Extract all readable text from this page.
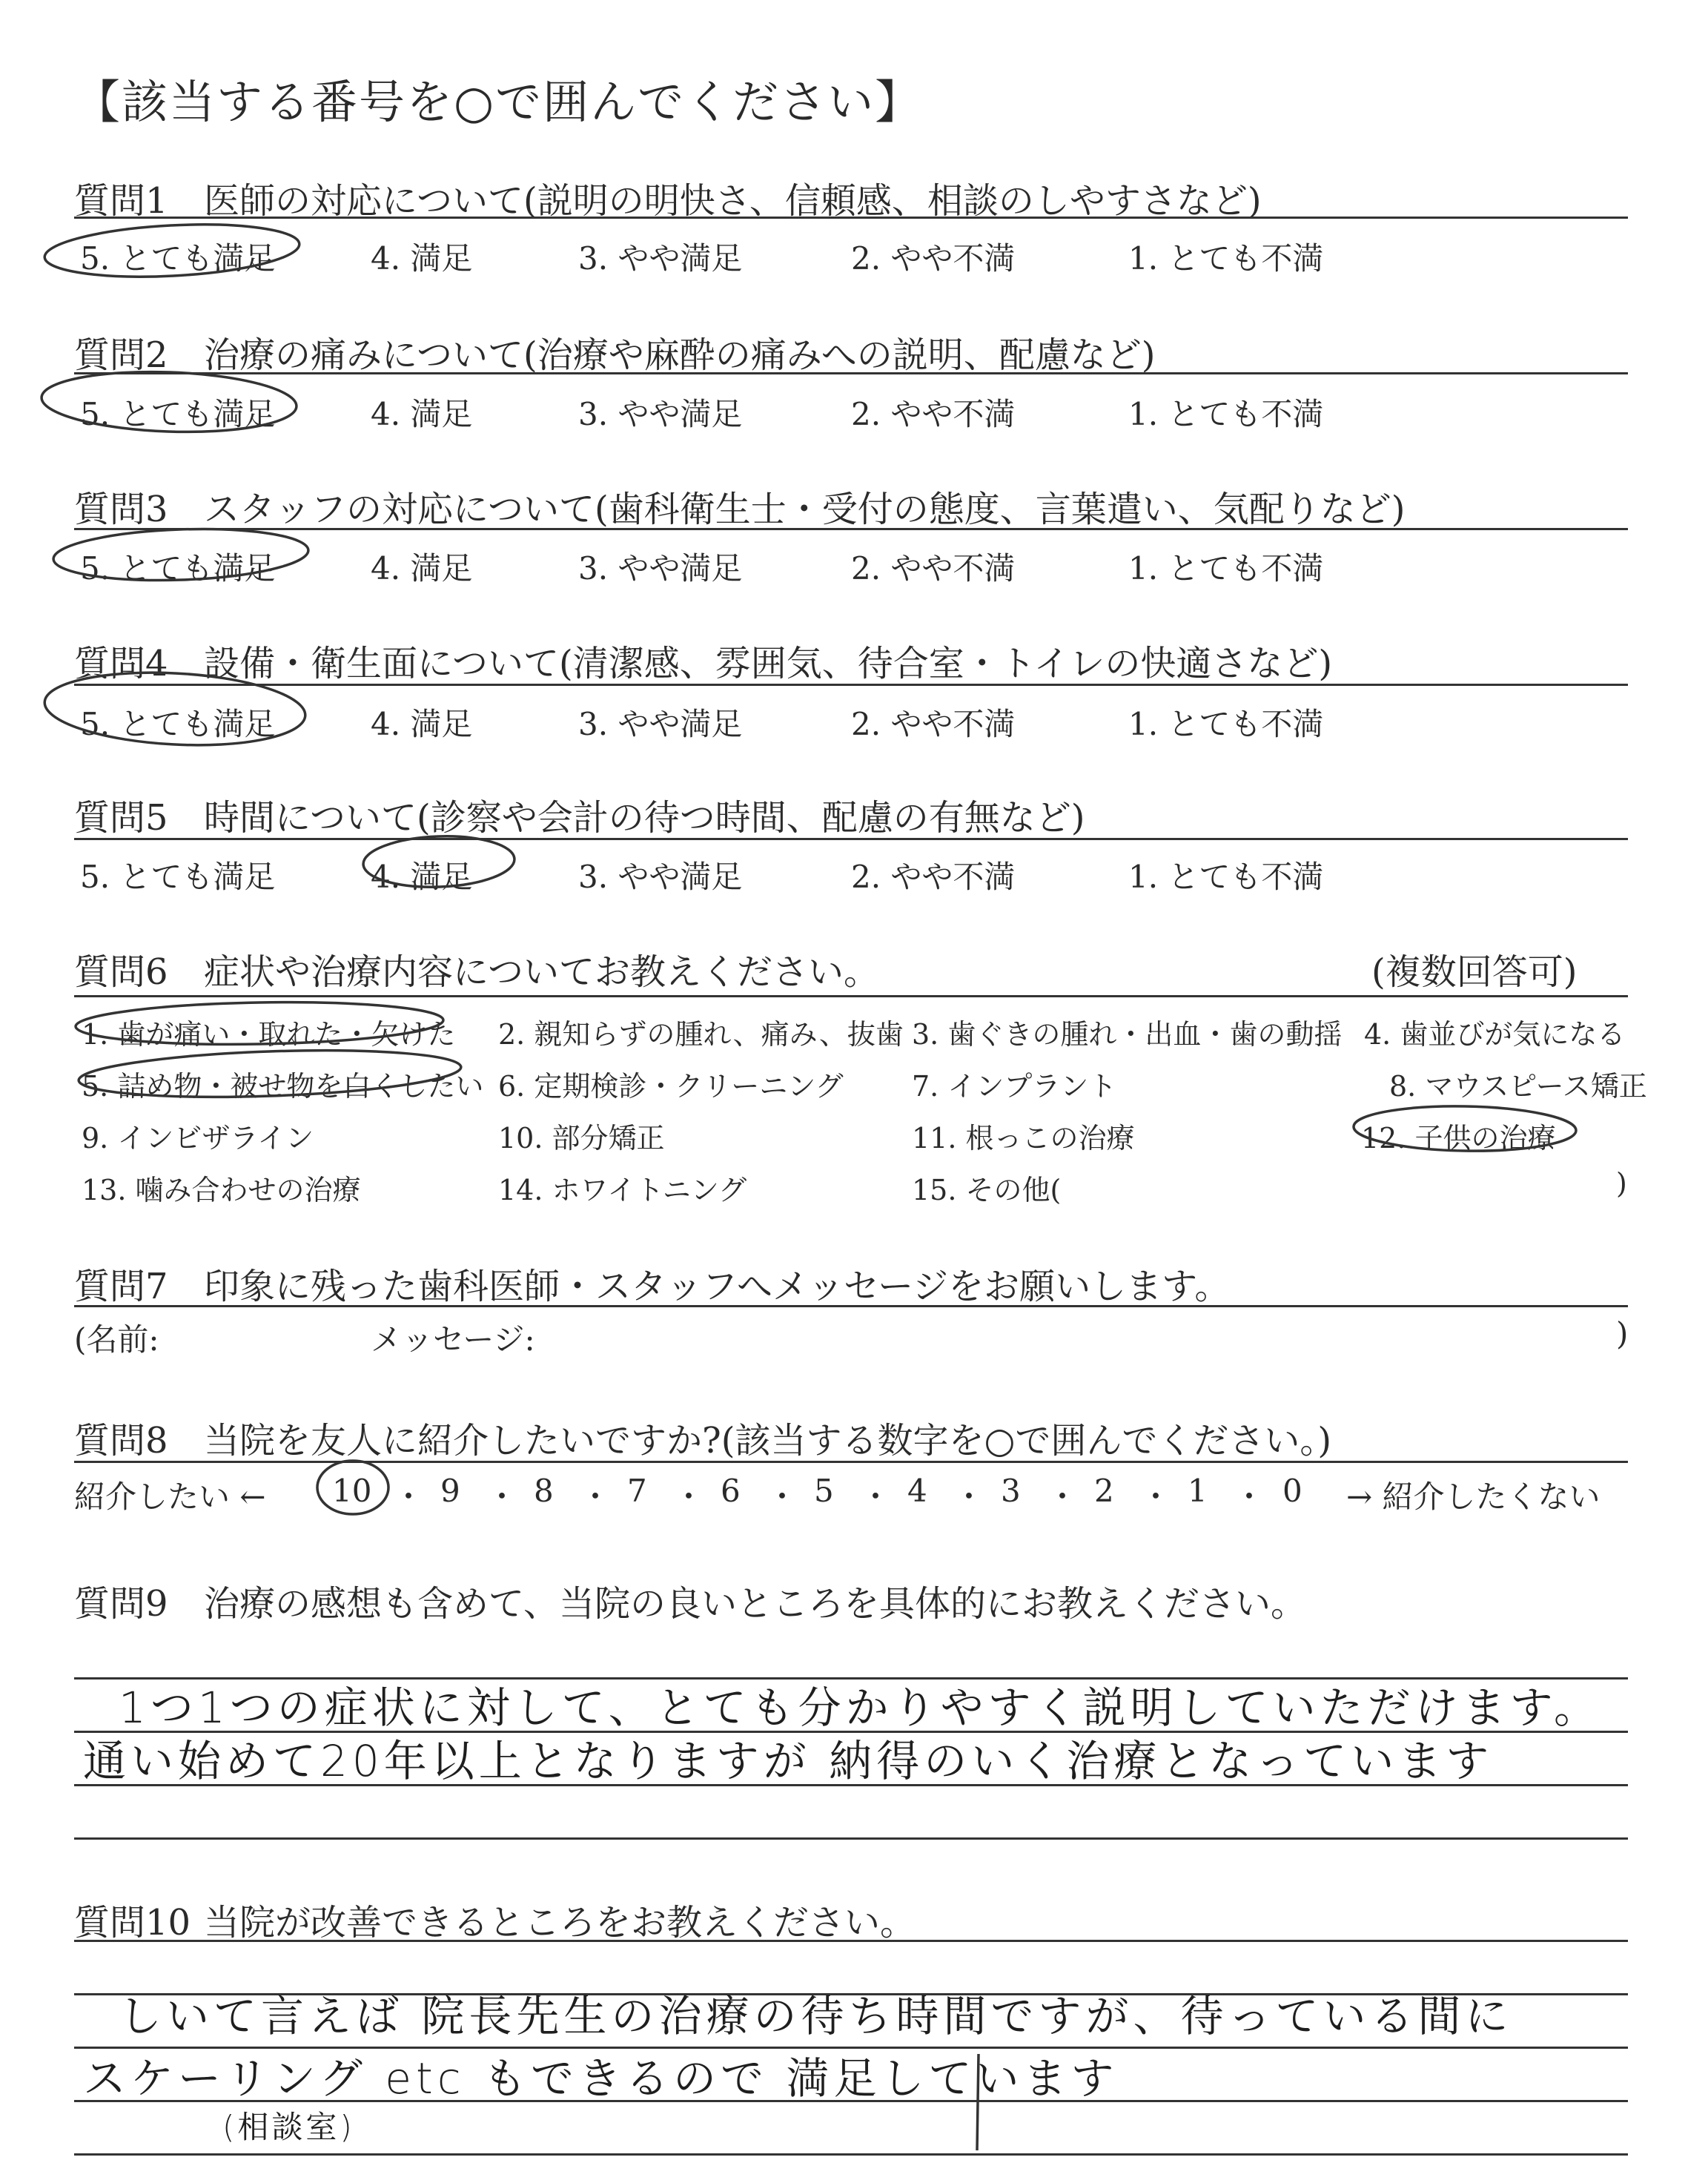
【該当する番号を○で囲んでください】
質問1 医師の対応について(説明の明快さ、信頼感、相談のしやすさなど)
5. とても満足	4. 満足	3. やや満足	2. やや不満	1. とても不満
質問2 治療の痛みについて(治療や麻酔の痛みへの説明、配慮など)
5. とても満足	4. 満足	3. やや満足	2. やや不満	1. とても不満
質問3 スタッフの対応について(歯科衛生士・受付の態度、言葉遣い、気配りなど)
5. とても満足	4. 満足	3. やや満足	2. やや不満	1. とても不満
質問4 設備・衛生面について(清潔感、雰囲気、待合室・トイレの快適さなど)
5. とても満足	4. 満足	3. やや満足	2. やや不満	1. とても不満
質問5 時間について(診察や会計の待つ時間、配慮の有無など)
5. とても満足	4. 満足	3. やや満足	2. やや不満	1. とても不満
質問6 症状や治療内容についてお教えください。	(複数回答可)
1. 歯が痛い・取れた・欠けた 2. 親知らずの腫れ、痛み、抜歯 3. 歯ぐきの腫れ・出血・歯の動揺 4. 歯並びが気になる
5. 詰め物・被せ物を白くしたい 6. 定期検診・クリーニング 7. インプラント	8. マウスピース矯正
9. インビザライン	10. 部分矯正	11. 根っこの治療	12. 子供の治療
13. 噛み合わせの治療	14. ホワイトニング	15. その他(	)
質問7 印象に残った歯科医師・スタッフへメッセージをお願いします。
(名前:	メッセージ:	)
質問8 当院を友人に紹介したいですか?(該当する数字を○で囲んでください。)
紹介したい ←	→ 紹介したくない
10 ・ 9 ・ 8 ・ 7 ・ 6 ・ 5 ・ 4 ・ 3 ・ 2 ・ 1 ・ 0
質問9 治療の感想も含めて、当院の良いところを具体的にお教えください。
1つ1つの症状に対して、とても分かりやすく説明していただけます。
通い始めて20年以上となりますが 納得のいく治療となっています
質問10 当院が改善できるところをお教えください。
しいて言えば 院長先生の治療の待ち時間ですが、待っている間に
スケーリング etc もできるので 満足しています
(相談室)
